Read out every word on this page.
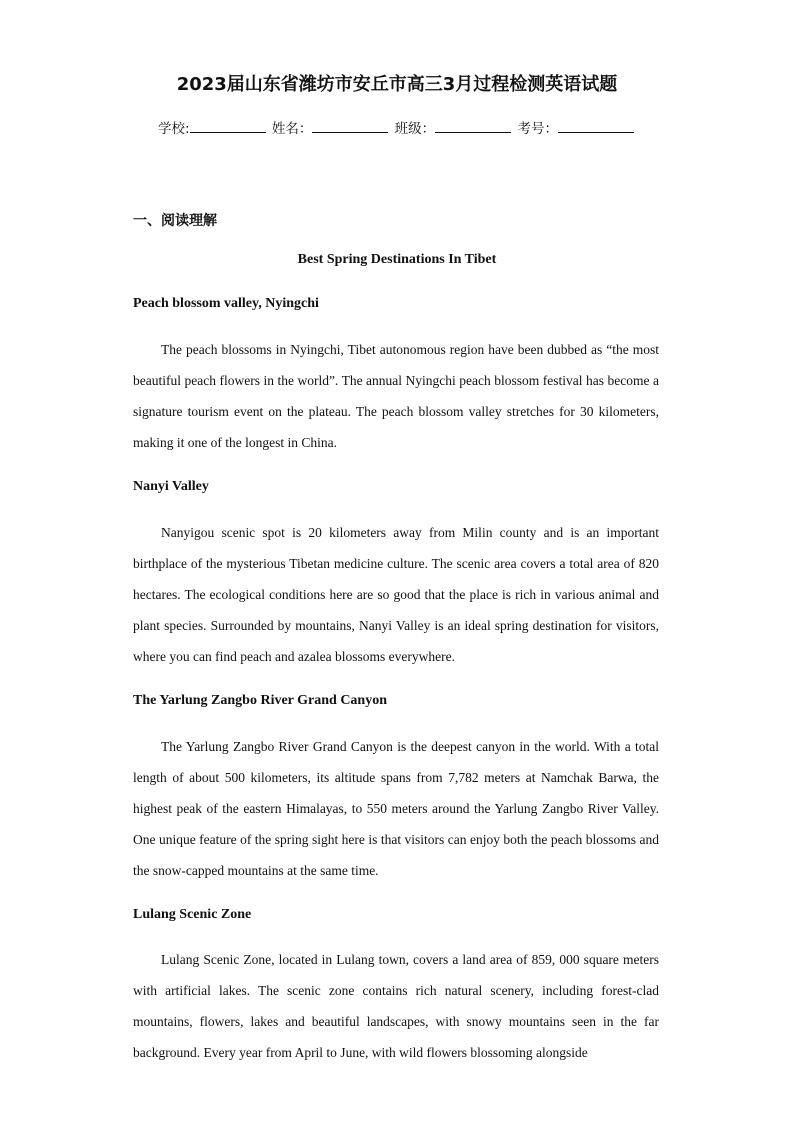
2023届山东省潍坊市安丘市高三3月过程检测英语试题
学校:	姓名：	班级：	考号：
一、阅读理解
Best Spring Destinations In Tibet
Peach blossom valley, Nyingchi
The peach blossoms in Nyingchi, Tibet autonomous region have been dubbed as “the most beautiful peach flowers in the world”. The annual Nyingchi peach blossom festival has become a signature tourism event on the plateau. The peach blossom valley stretches for 30 kilometers, making it one of the longest in China.
Nanyi Valley
Nanyigou scenic spot is 20 kilometers away from Milin county and is an important birthplace of the mysterious Tibetan medicine culture. The scenic area covers a total area of 820 hectares. The ecological conditions here are so good that the place is rich in various animal and plant species. Surrounded by mountains, Nanyi Valley is an ideal spring destination for visitors, where you can find peach and azalea blossoms everywhere.
The Yarlung Zangbo River Grand Canyon
The Yarlung Zangbo River Grand Canyon is the deepest canyon in the world. With a total length of about 500 kilometers, its altitude spans from 7,782 meters at Namchak Barwa, the highest peak of the eastern Himalayas, to 550 meters around the Yarlung Zangbo River Valley. One unique feature of the spring sight here is that visitors can enjoy both the peach blossoms and the snow-capped mountains at the same time.
Lulang Scenic Zone
Lulang Scenic Zone, located in Lulang town, covers a land area of 859, 000 square meters with artificial lakes. The scenic zone contains rich natural scenery, including forest-clad mountains, flowers, lakes and beautiful landscapes, with snowy mountains seen in the far background. Every year from April to June, with wild flowers blossoming alongside
